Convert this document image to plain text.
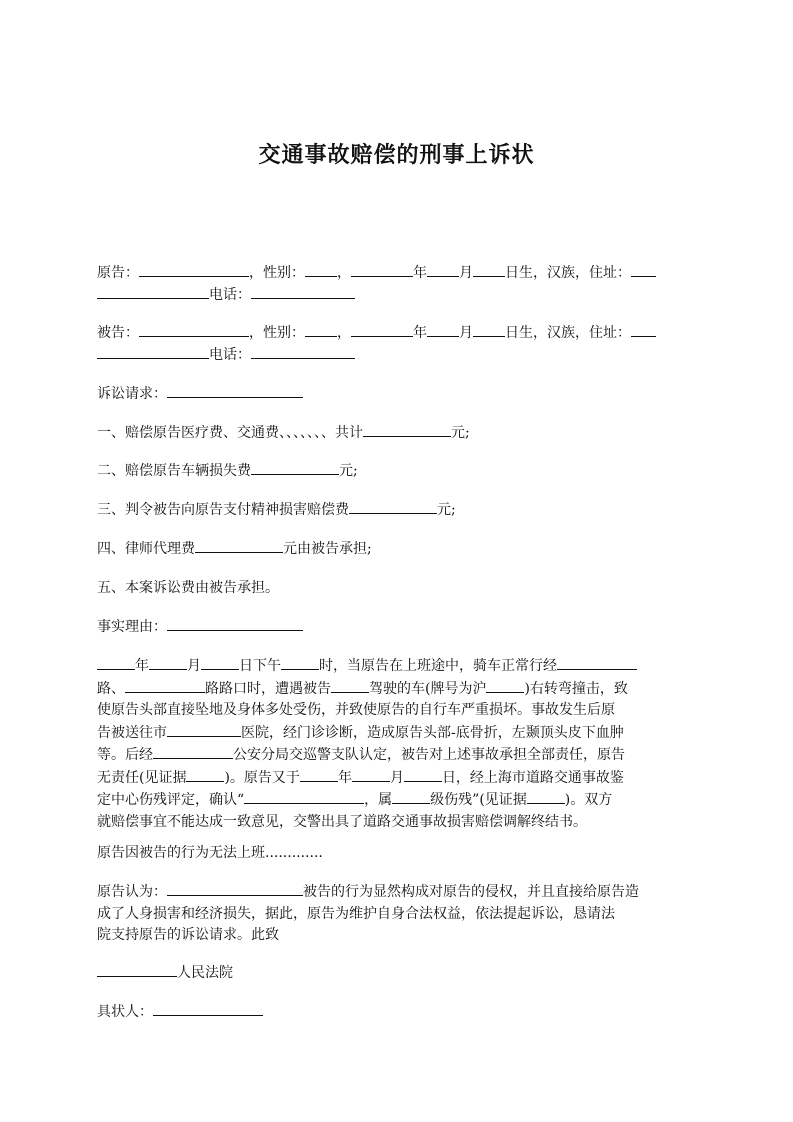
交通事故赔偿的刑事上诉状
原告：	，性别： ，	年 月 日生，汉族，住址：
电话：
被告：	，性别： ，	年 月 日生，汉族，住址：
电话：
诉讼请求：
一、赔偿原告医疗费、交通费、、、、、、、共计	元;
二、赔偿原告车辆损失费	元;
三、判令被告向原告支付精神损害赔偿费	元;
四、律师代理费	元由被告承担;
五、本案诉讼费由被告承担。
事实理由：
年	月	日下午	时，当原告在上班途中，骑车正常行经
路、	路路口时，遭遇被告	驾驶的车(牌号为沪	)右转弯撞击，致
使原告头部直接坠地及身体多处受伤，并致使原告的自行车严重损坏。事故发生后原
告被送往市	医院，经门诊诊断，造成原告头部-底骨折，左颞顶头皮下血肿
等。后经	公安分局交巡警支队认定，被告对上述事故承担全部责任，原告
无责任(见证据	)。原告又于	年	月	日，经上海市道路交通事故鉴
定中心伤残评定，确认“	，属	级伤残”(见证据	)。双方
就赔偿事宜不能达成一致意见，交警出具了道路交通事故损害赔偿调解终结书。
原告因被告的行为无法上班.............
原告认为：	被告的行为显然构成对原告的侵权，并且直接给原告造
成了人身损害和经济损失，据此，原告为维护自身合法权益，依法提起诉讼，恳请法
院支持原告的诉讼请求。此致
人民法院
具状人：
